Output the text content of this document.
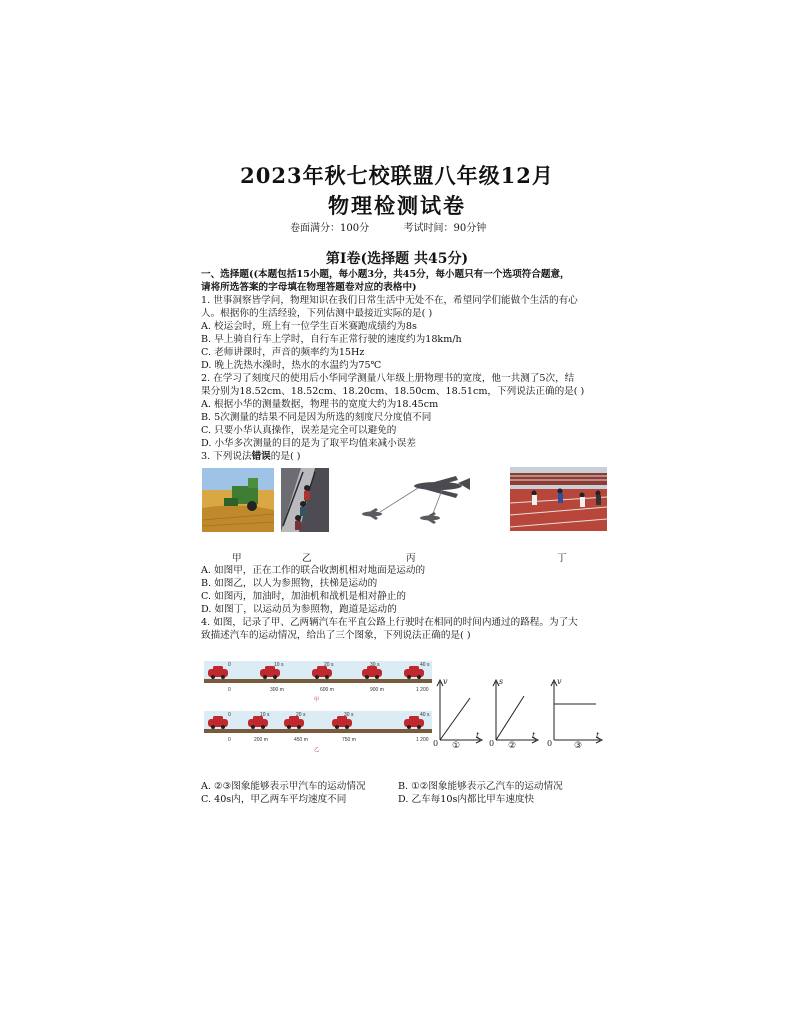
2023年秋七校联盟八年级12月
物理检测试卷
卷面满分：100分	考试时间：90分钟
第Ⅰ卷(选择题 共45分)
一、选择题((本题包括15小题，每小题3分，共45分，每小题只有一个选项符合题意，
请将所选答案的字母填在物理答题卷对应的表格中)
1. 世事洞察皆学问，物理知识在我们日常生活中无处不在，希望同学们能做个生活的有心
人。根据你的生活经验，下列估测中最接近实际的是( )
A. 校运会时，班上有一位学生百米赛跑成绩约为8s
B. 早上骑自行车上学时，自行车正常行驶的速度约为18km/h
C. 老师讲课时，声音的频率约为15Hz
D. 晚上洗热水澡时，热水的水温约为75℃
2. 在学习了刻度尺的使用后小华同学测量八年级上册物理书的宽度，他一共测了5次，结
果分别为18.52cm、18.52cm、18.20cm、18.50cm、18.51cm，下列说法正确的是( )
A. 根据小华的测量数据，物理书的宽度大约为18.45cm
B. 5次测量的结果不同是因为所选的刻度尺分度值不同
C. 只要小华认真操作，误差是完全可以避免的
D. 小华多次测量的目的是为了取平均值来减小误差
3. 下列说法错误的是( )
甲	乙	丙	丁
A. 如图甲，正在工作的联合收割机相对地面是运动的
B. 如图乙，以人为参照物，扶梯是运动的
C. 如图丙，加油时，加油机和战机是相对静止的
D. 如图丁，以运动员为参照物，跑道是运动的
4. 如图，记录了甲、乙两辆汽车在平直公路上行驶时在相同的时间内通过的路程。为了大
致描述汽车的运动情况，给出了三个图象，下列说法正确的是( )
0	10 s	20 s	30 s	40 s
0	300 m	600 m	900 m	1 200
甲
0	10 s	20 s	30 s	40 s
0	200 m	450 m	750 m	1 200
乙
v
t
0 ①
s
t
0 ②
v
t
0 ③
A. ②③图象能够表示甲汽车的运动情况	B. ①②图象能够表示乙汽车的运动情况
C. 40s内，甲乙两车平均速度不同	D. 乙车每10s内都比甲车速度快
